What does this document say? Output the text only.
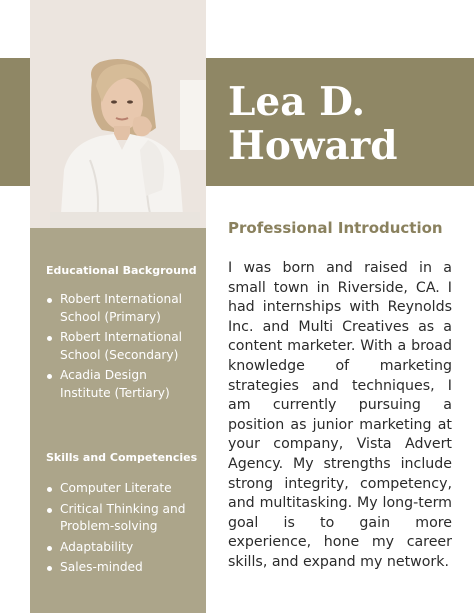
Lea D.
Howard
Professional Introduction

I was born and raised in a small town in Riverside, CA. I had internships with Reynolds Inc. and Multi Creatives as a content marketer. With a broad knowledge of marketing strategies and techniques, I am currently pursuing a position as junior marketing at your company, Vista Advert Agency. My strengths include strong integrity, competency, and multitasking. My long-term goal is to gain more experience, hone my career skills, and expand my network.

Educational Background
Robert International School (Primary)
Robert International School (Secondary)
Acadia Design Institute (Tertiary)
Skills and Competencies
Computer Literate
Critical Thinking and Problem-solving
Adaptability
Sales-minded
